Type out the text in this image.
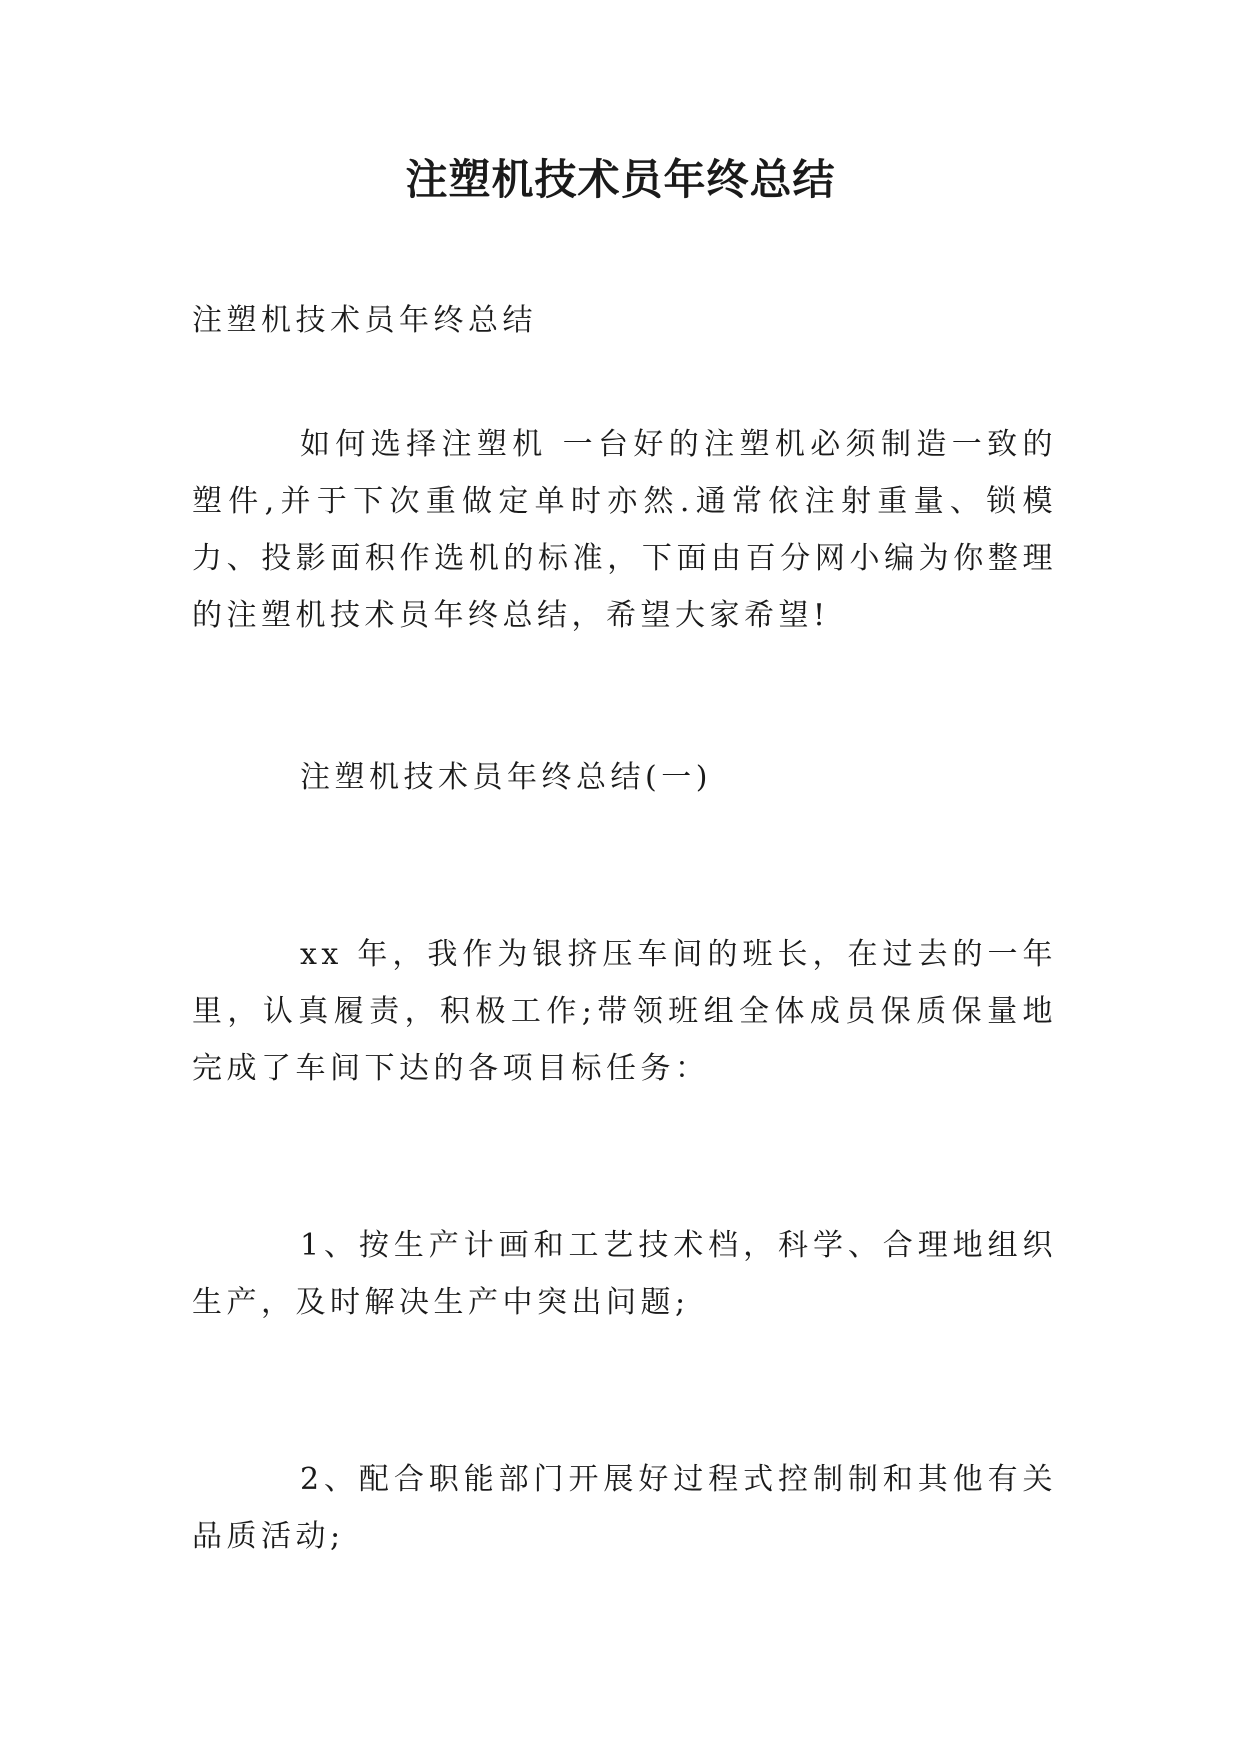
注塑机技术员年终总结

注塑机技术员年终总结

如何选择注塑机 一台好的注塑机必须制造一致的塑件,并于下次重做定单时亦然.通常依注射重量、锁模力、投影面积作选机的标准，下面由百分网小编为你整理的注塑机技术员年终总结，希望大家希望!

注塑机技术员年终总结(一)

xx 年，我作为银挤压车间的班长，在过去的一年里，认真履责，积极工作;带领班组全体成员保质保量地完成了车间下达的各项目标任务：

1、按生产计画和工艺技术档，科学、合理地组织生产，及时解决生产中突出问题;

2、配合职能部门开展好过程式控制制和其他有关品质活动;
